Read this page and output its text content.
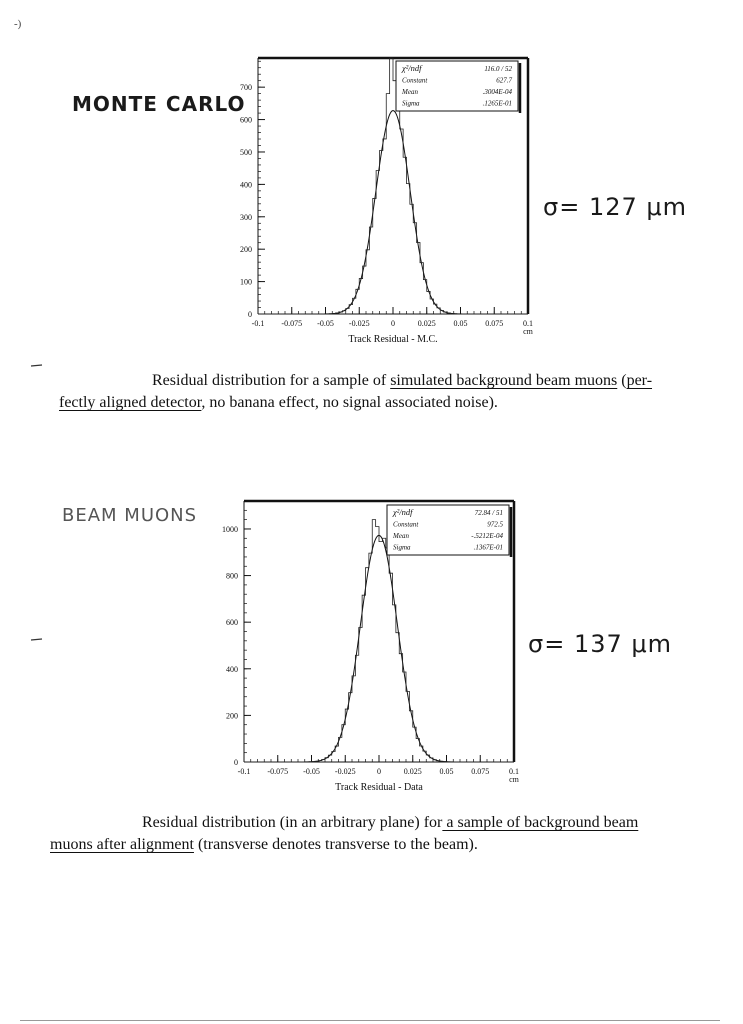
-)
MONTE CARLO
σ= 127 μm
0
100
200
300
400
500
600
700
-0.1 -0.075 -0.05 -0.025	0	0.025 0.05 0.075 0.1
cm
Track Residual - M.C.
χ²/ndf	116.0 / 52
Constant	627.7
Mean	.3004E-04
Sigma	.1265E-01
Residual distribution for a sample of simulated background beam muons (per-
fectly aligned detector, no banana effect, no signal associated noise).
BEAM MUONS
σ= 137 μm
0
200
400
600
800
1000
-0.1 -0.075 -0.05 -0.025	0	0.025 0.05 0.075 0.1
cm
Track Residual - Data
χ²/ndf	72.84 / 51
Constant	972.5
Mean	-.5212E-04
Sigma	.1367E-01
Residual distribution (in an arbitrary plane) for a sample of background beam
muons after alignment (transverse denotes transverse to the beam).
